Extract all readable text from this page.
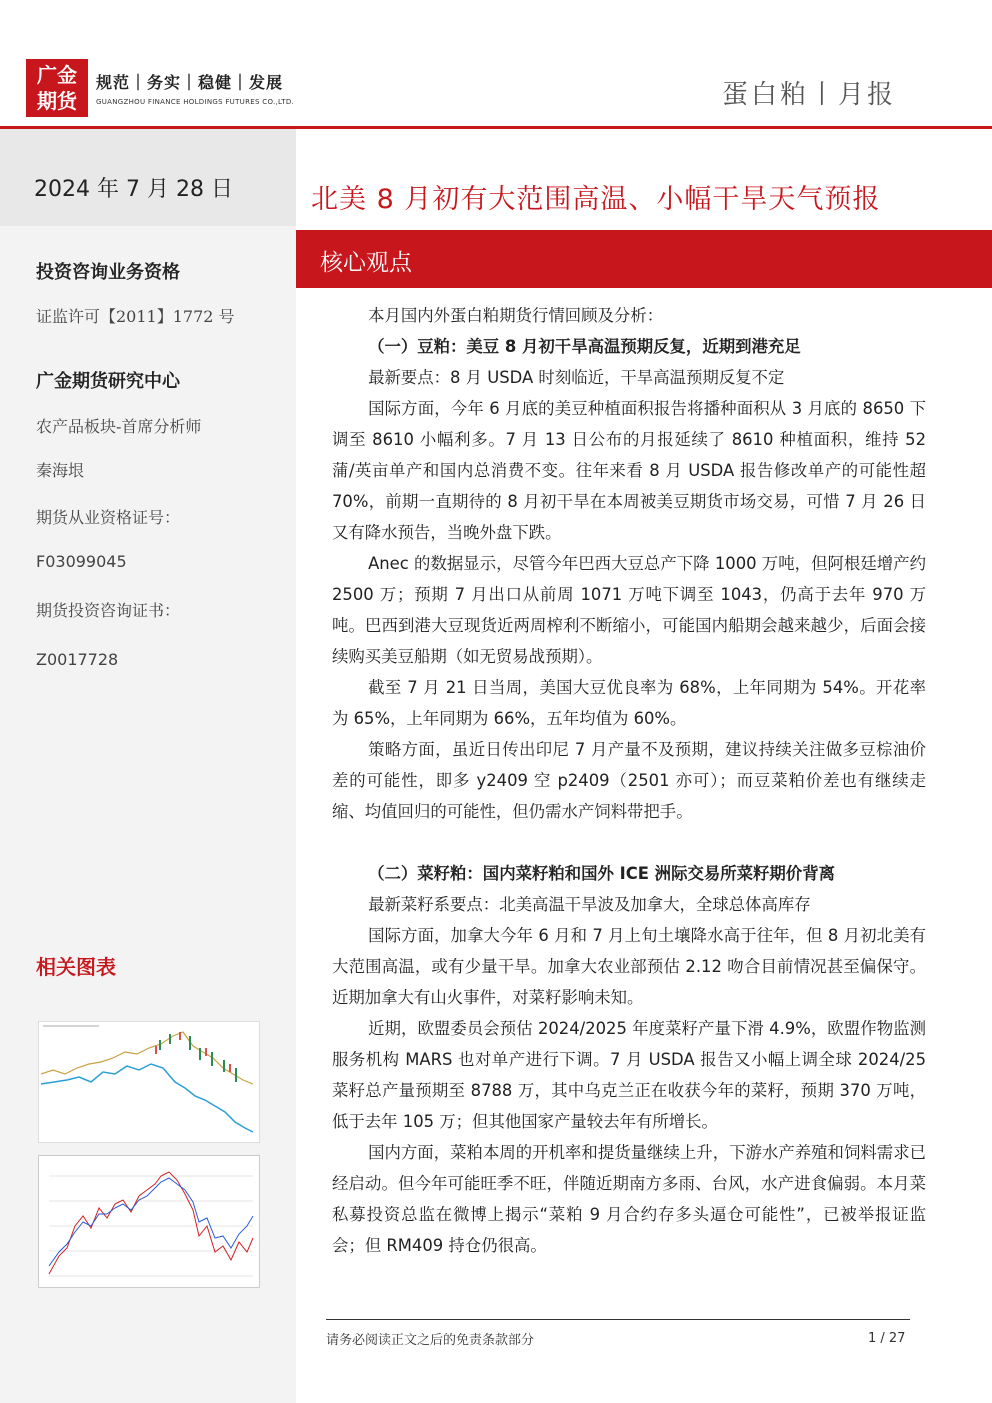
广金
期货
规范｜务实｜稳健｜发展
GUANGZHOU FINANCE HOLDINGS FUTURES CO.,LTD.	蛋白粕丨月报
2024 年 7 月 28 日
投资咨询业务资格
证监许可【2011】1772 号
广金期货研究中心
农产品板块-首席分析师
秦海垠
期货从业资格证号：
F03099045
期货投资咨询证书：
Z0017728
相关图表
北美 8 月初有大范围高温、小幅干旱天气预报
核心观点

本月国内外蛋白粕期货行情回顾及分析：

（一）豆粕：美豆 8 月初干旱高温预期反复，近期到港充足

最新要点：8 月 USDA 时刻临近，干旱高温预期反复不定

国际方面，今年 6 月底的美豆种植面积报告将播种面积从 3 月底的 8650 下调至 8610 小幅利多。7 月 13 日公布的月报延续了 8610 种植面积，维持 52 蒲/英亩单产和国内总消费不变。往年来看 8 月 USDA 报告修改单产的可能性超 70%，前期一直期待的 8 月初干旱在本周被美豆期货市场交易，可惜 7 月 26 日又有降水预告，当晚外盘下跌。

Anec 的数据显示，尽管今年巴西大豆总产下降 1000 万吨，但阿根廷增产约 2500 万；预期 7 月出口从前周 1071 万吨下调至 1043，仍高于去年 970 万吨。巴西到港大豆现货近两周榨利不断缩小，可能国内船期会越来越少，后面会接续购买美豆船期（如无贸易战预期）。

截至 7 月 21 日当周，美国大豆优良率为 68%，上年同期为 54%。开花率为 65%，上年同期为 66%，五年均值为 60%。

策略方面，虽近日传出印尼 7 月产量不及预期，建议持续关注做多豆棕油价差的可能性，即多 y2409 空 p2409（2501 亦可）；而豆菜粕价差也有继续走缩、均值回归的可能性，但仍需水产饲料带把手。

（二）菜籽粕：国内菜籽粕和国外 ICE 洲际交易所菜籽期价背离

最新菜籽系要点：北美高温干旱波及加拿大，全球总体高库存

国际方面，加拿大今年 6 月和 7 月上旬土壤降水高于往年，但 8 月初北美有大范围高温，或有少量干旱。加拿大农业部预估 2.12 吻合目前情况甚至偏保守。近期加拿大有山火事件，对菜籽影响未知。

近期，欧盟委员会预估 2024/2025 年度菜籽产量下滑 4.9%，欧盟作物监测服务机构 MARS 也对单产进行下调。7 月 USDA 报告又小幅上调全球 2024/25 菜籽总产量预期至 8788 万，其中乌克兰正在收获今年的菜籽，预期 370 万吨，低于去年 105 万；但其他国家产量较去年有所增长。

国内方面，菜粕本周的开机率和提货量继续上升，下游水产养殖和饲料需求已经启动。但今年可能旺季不旺，伴随近期南方多雨、台风，水产进食偏弱。本月菜私募投资总监在微博上揭示“菜粕 9 月合约存多头逼仓可能性”，已被举报证监会；但 RM409 持仓仍很高。

请务必阅读正文之后的免责条款部分	1 / 27
